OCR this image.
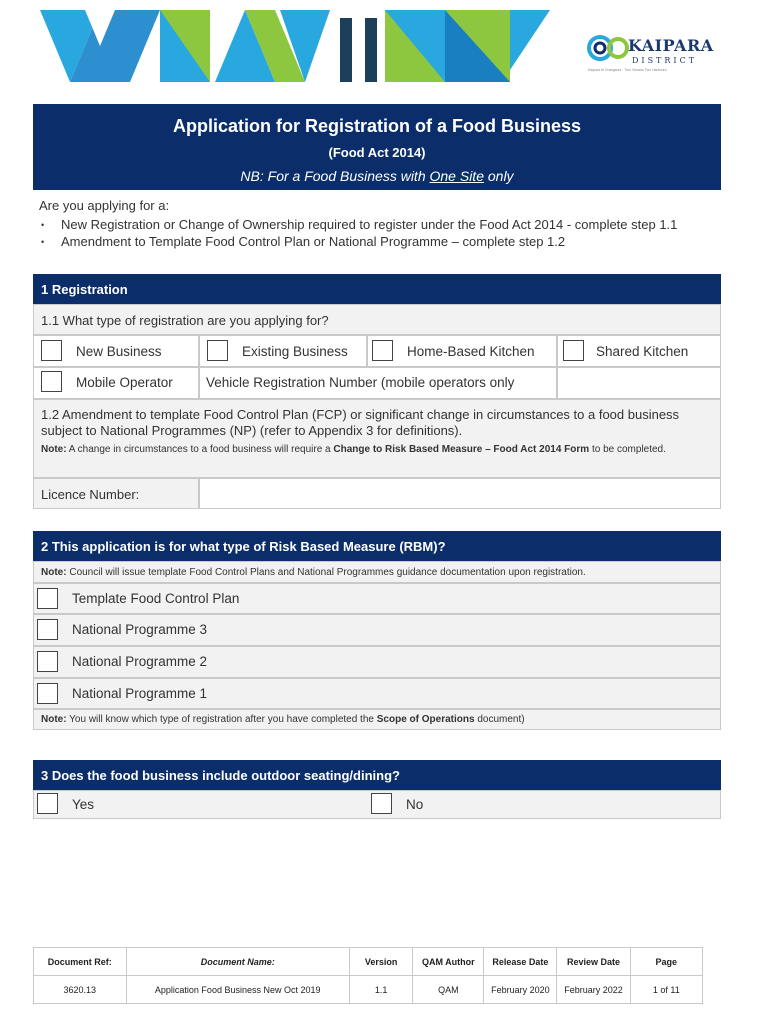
KAIPARA
DISTRICT
Kaipara te Oranganui · Two Oceans Two Harbours
Application for Registration of a Food Business
(Food Act 2014)
NB: For a Food Business with One Site only
Are you applying for a:
• New Registration or Change of Ownership required to register under the Food Act 2014 - complete step 1.1
• Amendment to Template Food Control Plan or National Programme – complete step 1.2
1 Registration
1.1 What type of registration are you applying for?
New Business	Existing Business	Home-Based Kitchen	Shared Kitchen
Mobile Operator Vehicle Registration Number (mobile operators only
1.2 Amendment to template Food Control Plan (FCP) or significant change in circumstances to a food business subject to National Programmes (NP) (refer to Appendix 3 for definitions).
Note: A change in circumstances to a food business will require a Change to Risk Based Measure – Food Act 2014 Form to be completed.
Licence Number:
2 This application is for what type of Risk Based Measure (RBM)?
Note: Council will issue template Food Control Plans and National Programmes guidance documentation upon registration.
Template Food Control Plan
National Programme 3
National Programme 2
National Programme 1
Note: You will know which type of registration after you have completed the Scope of Operations document)
3 Does the food business include outdoor seating/dining?
Yes	No
Document Ref:	Document Name:	Version	QAM Author	Release Date	Review Date	Page
3620.13	Application Food Business New Oct 2019	1.1	QAM	February 2020	February 2022	1 of 11
